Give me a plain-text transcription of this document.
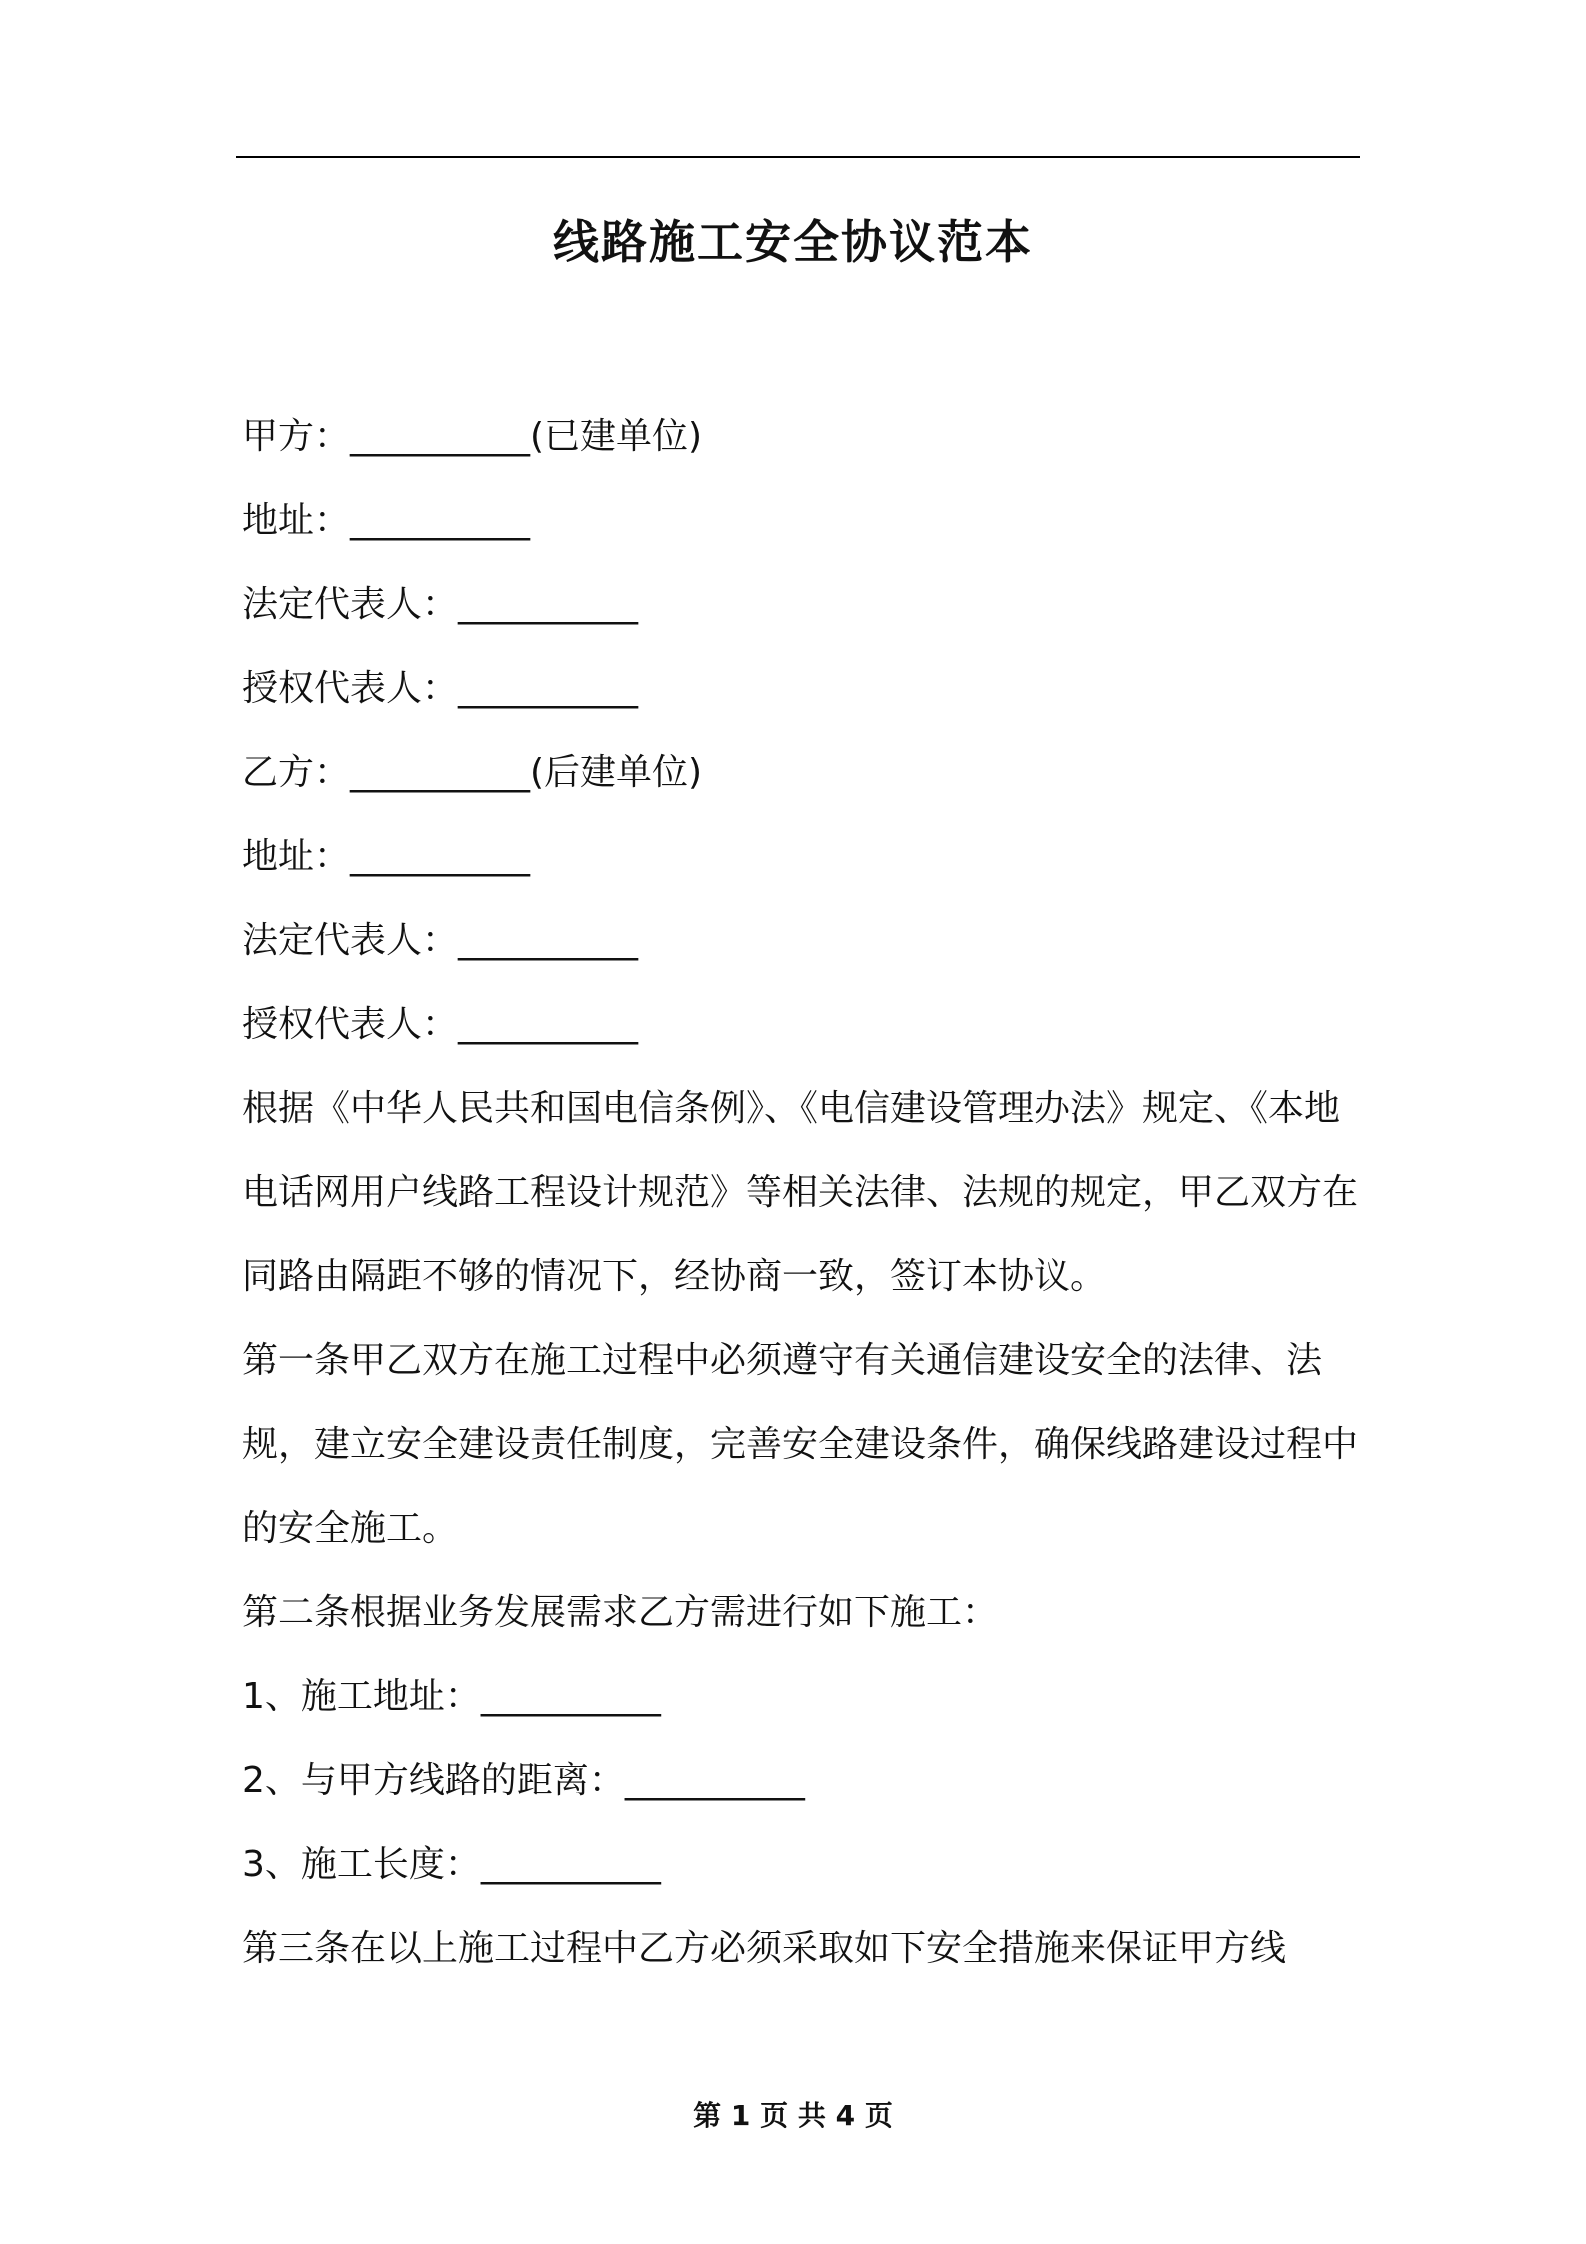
线路施工安全协议范本
甲方：__________(已建单位)
地址：__________
法定代表人：__________
授权代表人：__________
乙方：__________(后建单位)
地址：__________
法定代表人：__________
授权代表人：__________

根据《中华人民共和国电信条例》、《电信建设管理办法》规定、《本地电话网用户线路工程设计规范》等相关法律、法规的规定，甲乙双方在同路由隔距不够的情况下，经协商一致，签订本协议。

第一条甲乙双方在施工过程中必须遵守有关通信建设安全的法律、法规，建立安全建设责任制度，完善安全建设条件，确保线路建设过程中的安全施工。

第二条根据业务发展需求乙方需进行如下施工：

1、施工地址：__________
2、与甲方线路的距离：__________
3、施工长度：__________

第三条在以上施工过程中乙方必须采取如下安全措施来保证甲方线

第 1 页 共 4 页
